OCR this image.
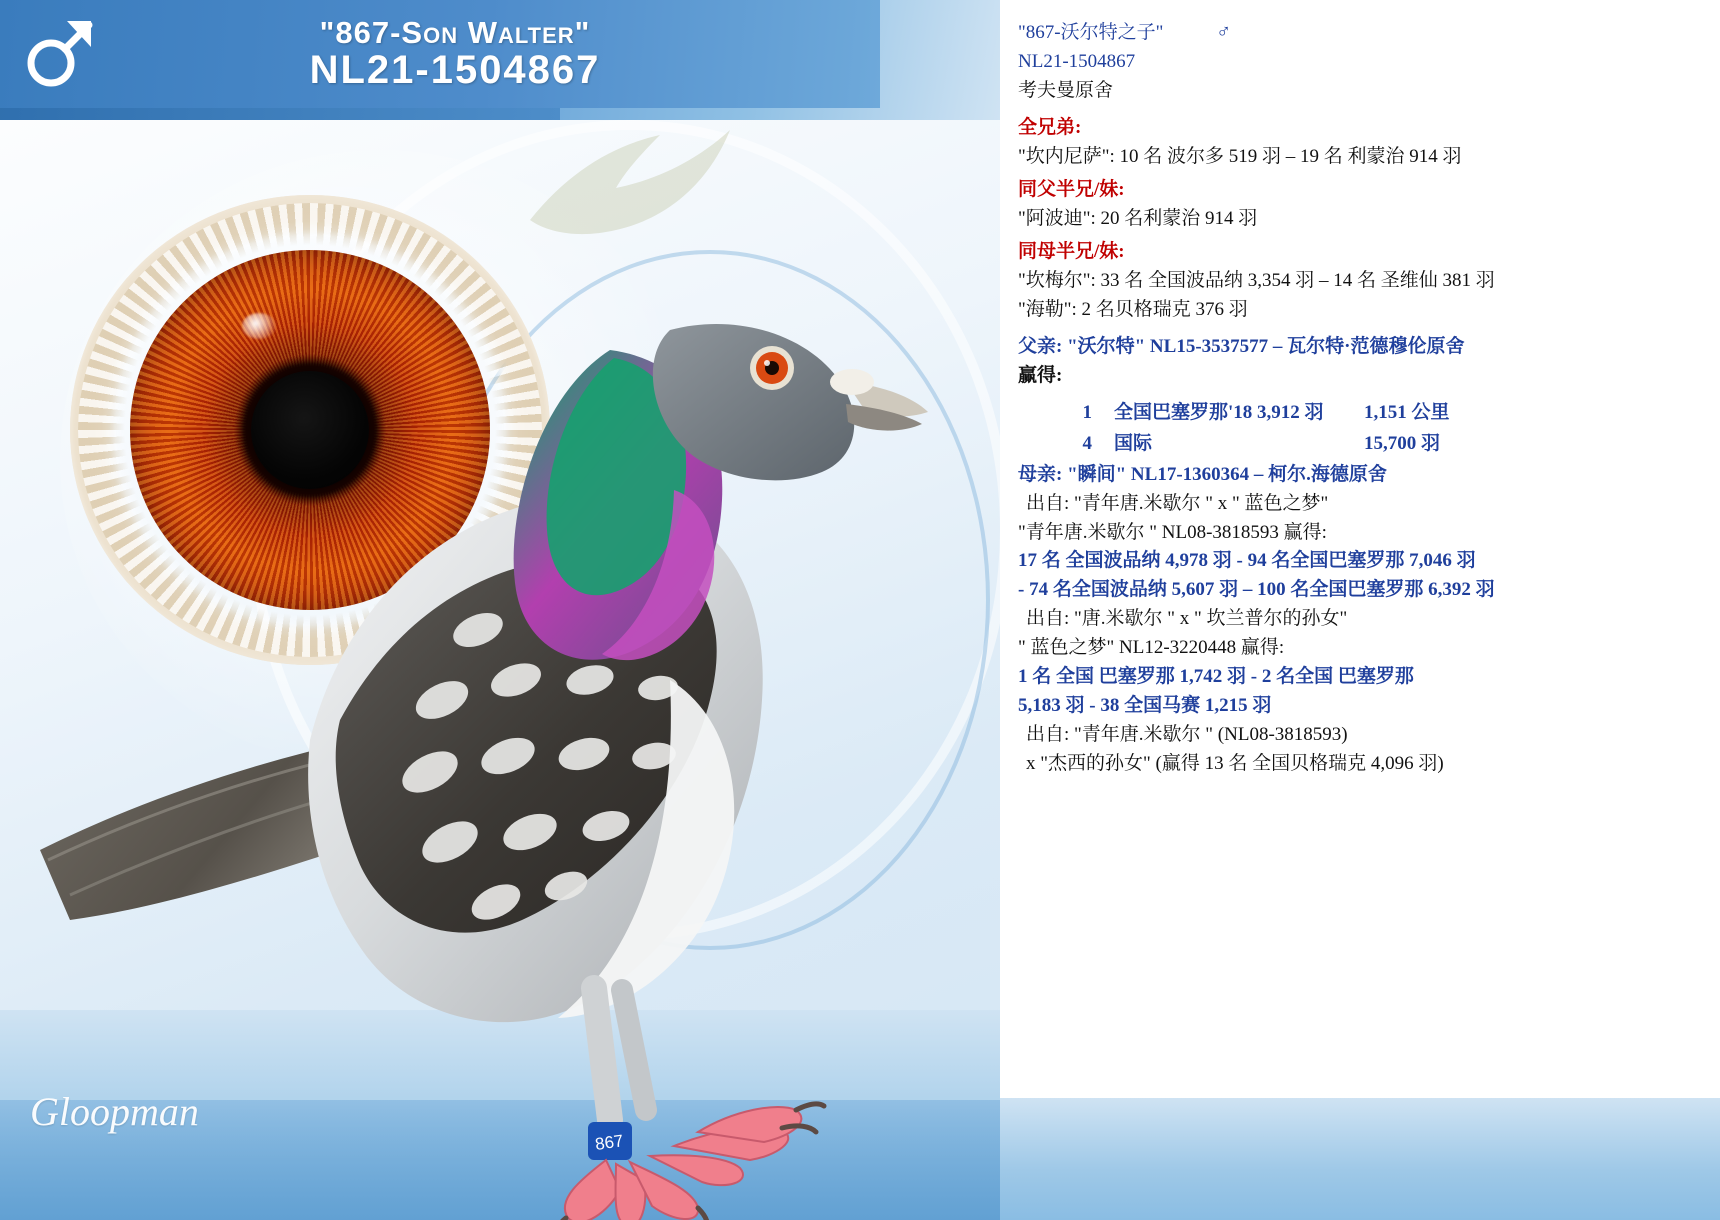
"867-Son Walter"
NL21-1504867
867
Gloopman

"867-沃尔特之子"	♂

NL21-1504867

考夫曼原舍

全兄弟:

"坎内尼萨": 10 名 波尔多 519 羽 – 19 名 利蒙治 914 羽

同父半兄/妹:

"阿波迪": 20 名利蒙治 914 羽

同母半兄/妹:

"坎梅尔": 33 名 全国波品纳 3,354 羽 – 14 名 圣维仙 381 羽

"海勒": 2 名贝格瑞克 376 羽

父亲: "沃尔特" NL15-3537577 – 瓦尔特·范德穆伦原舍

赢得:

1	全国巴塞罗那'18 3,912 羽	1,151 公里
4	国际	15,700 羽

母亲: "瞬间" NL17-1360364 – 柯尔.海德原舍

出自: "青年唐.米歇尔 " x " 蓝色之梦"

"青年唐.米歇尔 " NL08-3818593 赢得:

17 名 全国波品纳 4,978 羽 - 94 名全国巴塞罗那 7,046 羽

- 74 名全国波品纳 5,607 羽 – 100 名全国巴塞罗那 6,392 羽

出自: "唐.米歇尔 " x " 坎兰普尔的孙女"

" 蓝色之梦" NL12-3220448 赢得:

1 名 全国 巴塞罗那 1,742 羽 - 2 名全国 巴塞罗那

5,183 羽 - 38 全国马赛 1,215 羽

出自: "青年唐.米歇尔 " (NL08-3818593)

x "杰西的孙女" (赢得 13 名 全国贝格瑞克 4,096 羽)
